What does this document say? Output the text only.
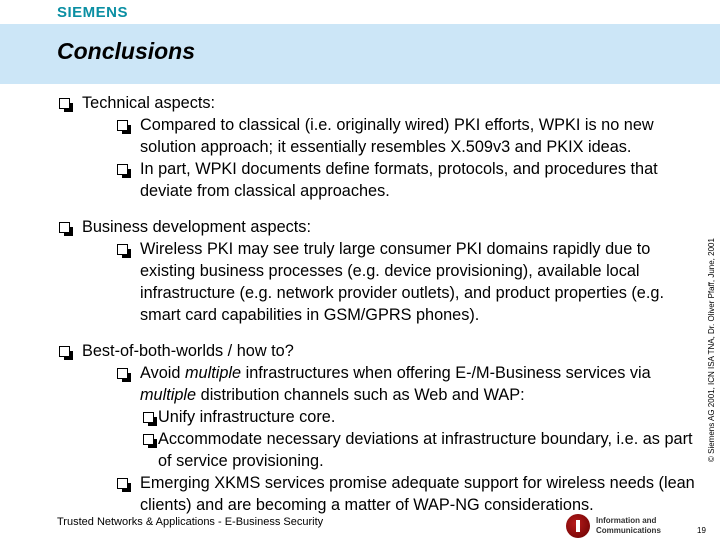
SIEMENS
Conclusions
Technical aspects:
Compared to classical (i.e. originally wired) PKI efforts, WPKI is no new solution approach; it essentially resembles X.509v3 and PKIX ideas.
In part, WPKI documents define formats, protocols, and procedures that deviate from classical approaches.
Business development aspects:
Wireless PKI may see truly large consumer PKI domains rapidly due to existing business processes (e.g. device provisioning), available local infrastructure (e.g. network provider outlets), and product properties (e.g. smart card capabilities in GSM/GPRS phones).
Best-of-both-worlds / how to?
Avoid multiple infrastructures when offering E-/M-Business services via multiple distribution channels such as Web and WAP:
Unify infrastructure core.
Accommodate necessary deviations at infrastructure boundary, i.e. as part of service provisioning.
Emerging XKMS services promise adequate support for wireless needs (lean clients) and are becoming a matter of WAP-NG considerations.
© Siemens AG 2001, ICN ISA TNA, Dr. Oliver Pfaff, June, 2001
Trusted Networks & Applications - E-Business Security	Information and
Communications	19
